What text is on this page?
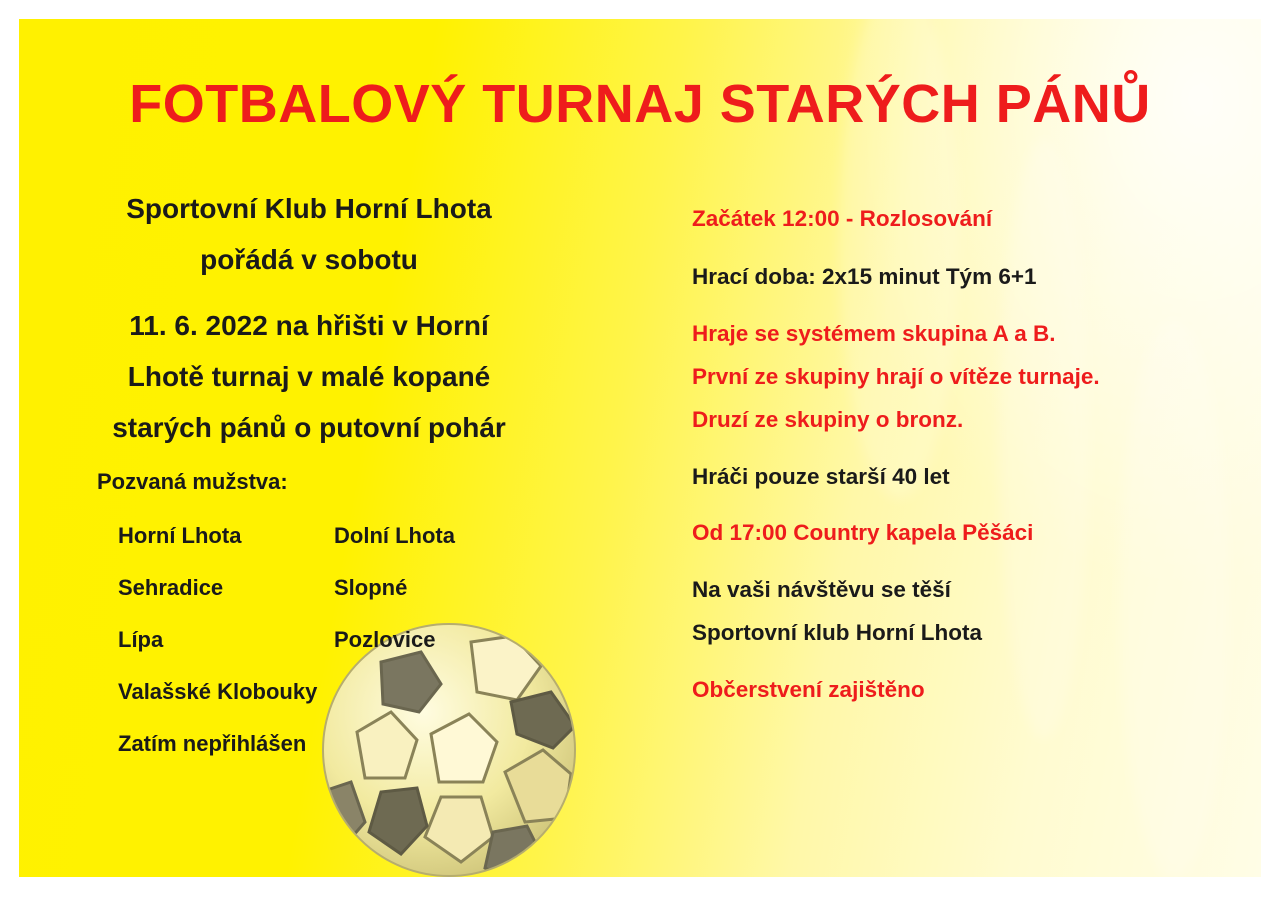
FOTBALOVÝ TURNAJ STARÝCH PÁNŮ
Sportovní Klub Horní Lhota
pořádá v sobotu
11. 6. 2022 na hřišti v Horní
Lhotě turnaj v malé kopané
starých pánů o putovní pohár
Pozvaná mužstva:
Horní Lhota	Dolní Lhota
Sehradice	Slopné
Lípa	Pozlovice
Valašské Klobouky
Zatím nepřihlášen
Začátek 12:00 - Rozlosování
Hrací doba: 2x15 minut Tým 6+1
Hraje se systémem skupina A a B.
První ze skupiny hrají o vítěze turnaje.
Druzí ze skupiny o bronz.
Hráči pouze starší 40 let
Od 17:00 Country kapela Pěšáci
Na vaši návštěvu se těší
Sportovní klub Horní Lhota
Občerstvení zajištěno
